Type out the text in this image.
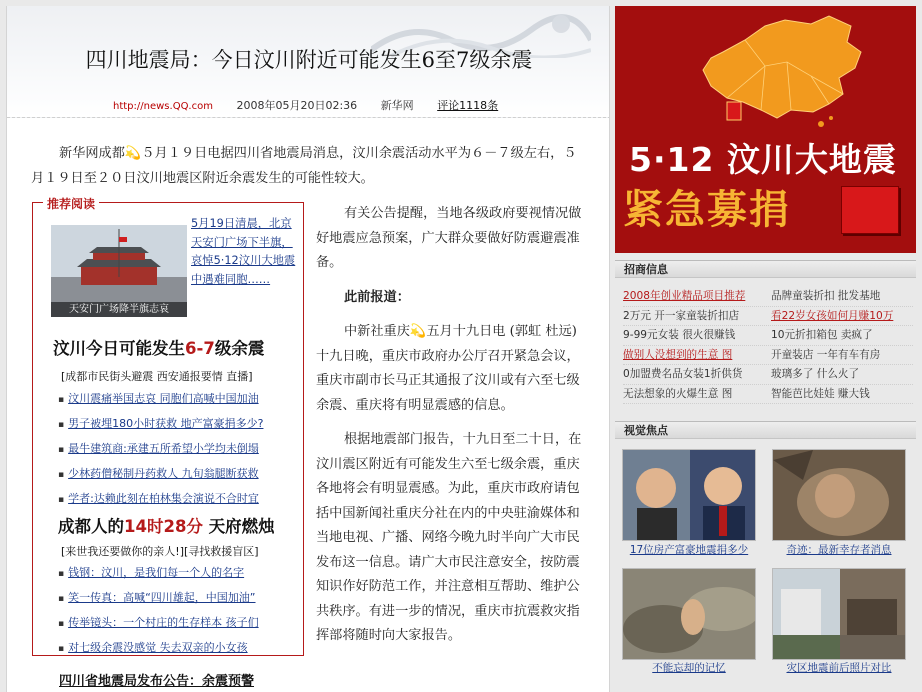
四川地震局：今日汶川附近可能发生6至7级余震
http://news.QQ.com 2008年05月20日02:36 新华网 评论1118条

新华网成都💫５月１９日电据四川省地震局消息，汶川余震活动水平为６－７级左右，５月１９日至２０日汶川地震区附近余震发生的可能性较大。

推荐阅读
天安门广场降半旗志哀
5月19日清晨，北京天安门广场下半旗，哀悼5·12汶川大地震中遇难同胞……
汶川今日可能发生6-7级余震
[成都市民街头避震 西安通报要情 直播]
▪ 汶川震痛举国志哀 同胞们高喊中国加油
▪ 男子被埋180小时获救 地产富豪捐多少?
▪ 最牛建筑商:承建五所希望小学均未倒塌
▪ 少林药僧秘制丹药救人 九旬翁腿断获救
▪ 学者:达赖此刻在柏林集会演说不合时宜
成都人的14时28分 天府燃烛
[来世我还要做你的亲人!][寻找救援盲区]
▪ 钱钢：汶川，是我们每一个人的名字
▪ 笑一传真：高喊“四川雄起，中国加油”
▪ 传举镜头：一个村庄的生存样本 孩子们
▪ 对七级余震没感觉 失去双亲的小女孩

有关公告提醒，当地各级政府要视情况做好地震应急预案，广大群众要做好防震避震准备。

此前报道：

中新社重庆💫五月十九日电 (郭虹 杜远)十九日晚，重庆市政府办公厅召开紧急会议，重庆市副市长马正其通报了汶川或有六至七级余震、重庆将有明显震感的信息。

根据地震部门报告，十九日至二十日，在汶川震区附近有可能发生六至七级余震，重庆各地将会有明显震感。为此，重庆市政府请包括中国新闻社重庆分社在内的中央驻渝媒体和当地电视、广播、网络今晚九时半向广大市民发布这一信息。请广大市民注意安全，按防震知识作好防范工作，并注意相互帮助、维护公共秩序。有进一步的情况，重庆市抗震救灾指挥部将随时向大家报告。

四川省地震局发布公告：余震预警
5·12 汶川大地震
紧急募捐
招商信息
2008年创业精品项目推荐	品牌童装折扣 批发基地
2万元 开一家童装折扣店	看22岁女孩如何月赚10万
9-99元女装 很火很赚钱	10元折扣箱包 卖疯了
做别人没想到的生意 图	开童装店 一年有车有房
0加盟费名品女装1折供货	玻璃多了 什么火了
无法想象的火爆生意 图	智能芭比娃娃 赚大钱
视觉焦点
17位房产富豪地震捐多少	奇迹：最新幸存者消息
不能忘却的记忆	灾区地震前后照片对比
